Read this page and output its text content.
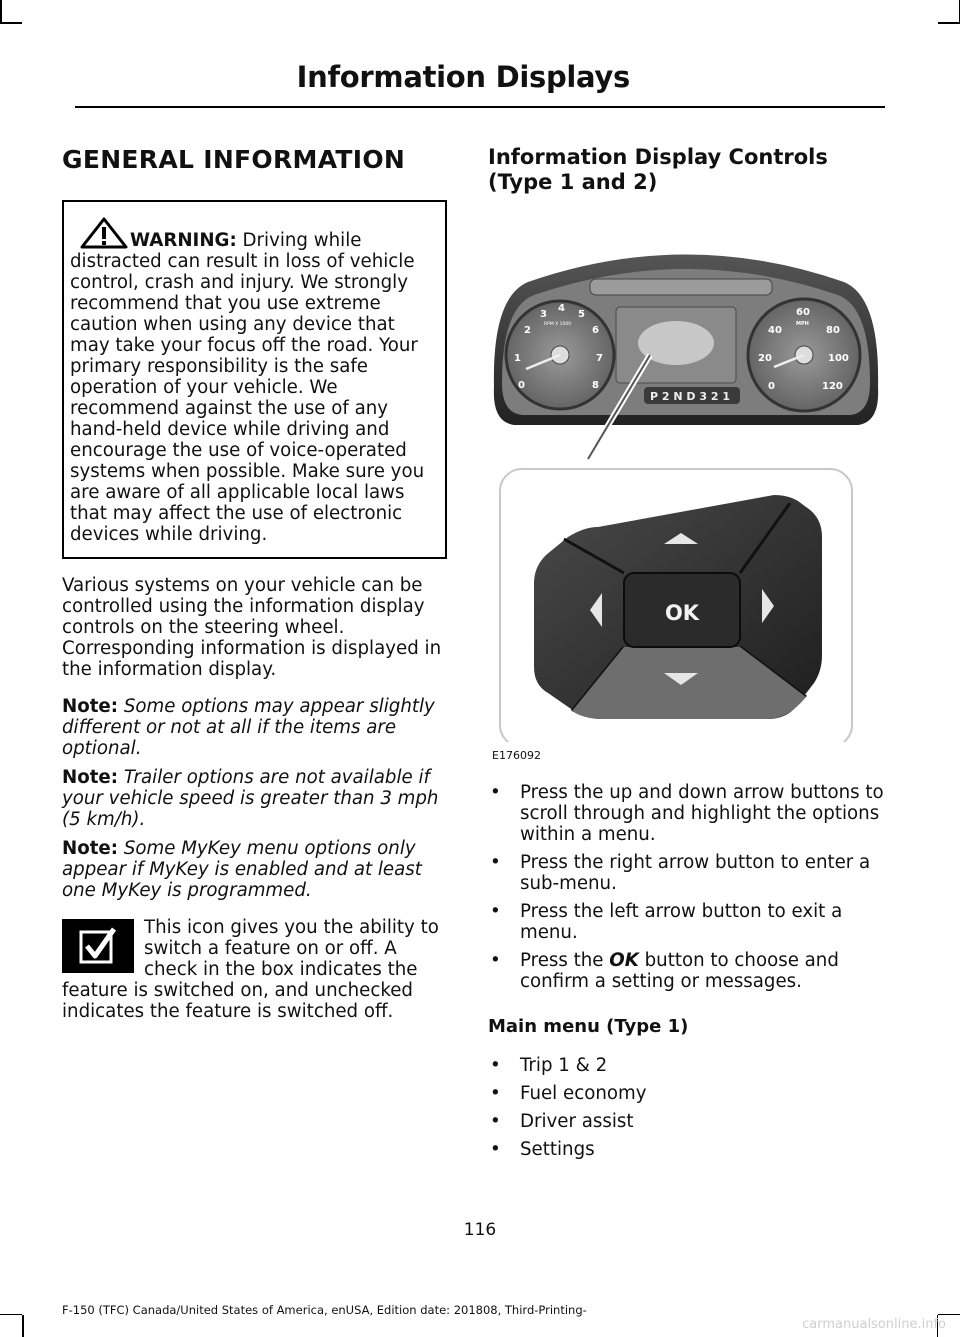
Information Displays
GENERAL INFORMATION
WARNING: Driving while distracted can result in loss of vehicle control, crash and injury. We strongly recommend that you use extreme caution when using any device that may take your focus off the road. Your primary responsibility is the safe operation of your vehicle. We recommend against the use of any hand-held device while driving and encourage the use of voice-operated systems when possible. Make sure you are aware of all applicable local laws that may affect the use of electronic devices while driving.

Various systems on your vehicle can be controlled using the information display controls on the steering wheel. Corresponding information is displayed in the information display.

Note: Some options may appear slightly different or not at all if the items are optional.

Note: Trailer options are not available if your vehicle speed is greater than 3 mph (5 km/h).

Note: Some MyKey menu options only appear if MyKey is enabled and at least one MyKey is programmed.

This icon gives you the ability to switch a feature on or off. A check in the box indicates the feature is switched on, and unchecked indicates the feature is switched off.
Information Display Controls (Type 1 and 2)
0
1
2
3
4
5
6
7
8
RPM X 1000
P 2 N D 3 2 1
0
20
40
60
80
100
120
MPH
OK
E176092
• Press the up and down arrow buttons to scroll through and highlight the options within a menu.
• Press the right arrow button to enter a sub-menu.
• Press the left arrow button to exit a menu.
• Press the OK button to choose and confirm a setting or messages.
Main menu (Type 1)
• Trip 1 & 2
• Fuel economy
• Driver assist
• Settings
116
F-150 (TFC) Canada/United States of America, enUSA, Edition date: 201808, Third-Printing-
carmanualsonline.info
